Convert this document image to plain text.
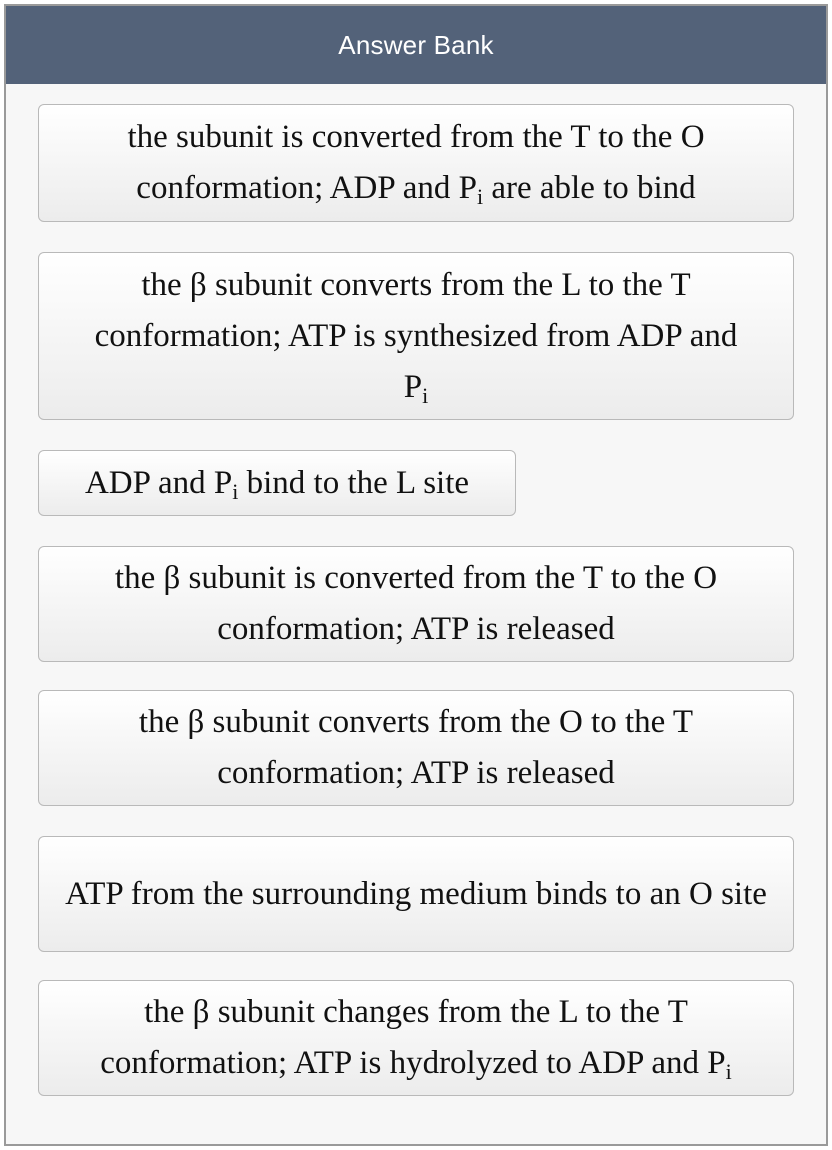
Answer Bank
the subunit is converted from the T to the O conformation; ADP and $P_i$ are able to bind
the β subunit converts from the L to the T conformation; ATP is synthesized from ADP and $P_i$
ADP and $P_i$ bind to the L site
the β subunit is converted from the T to the O conformation; ATP is released
the β subunit converts from the O to the T conformation; ATP is released
ATP from the surrounding medium binds to an O site
the β subunit changes from the L to the T conformation; ATP is hydrolyzed to ADP and $P_i$
